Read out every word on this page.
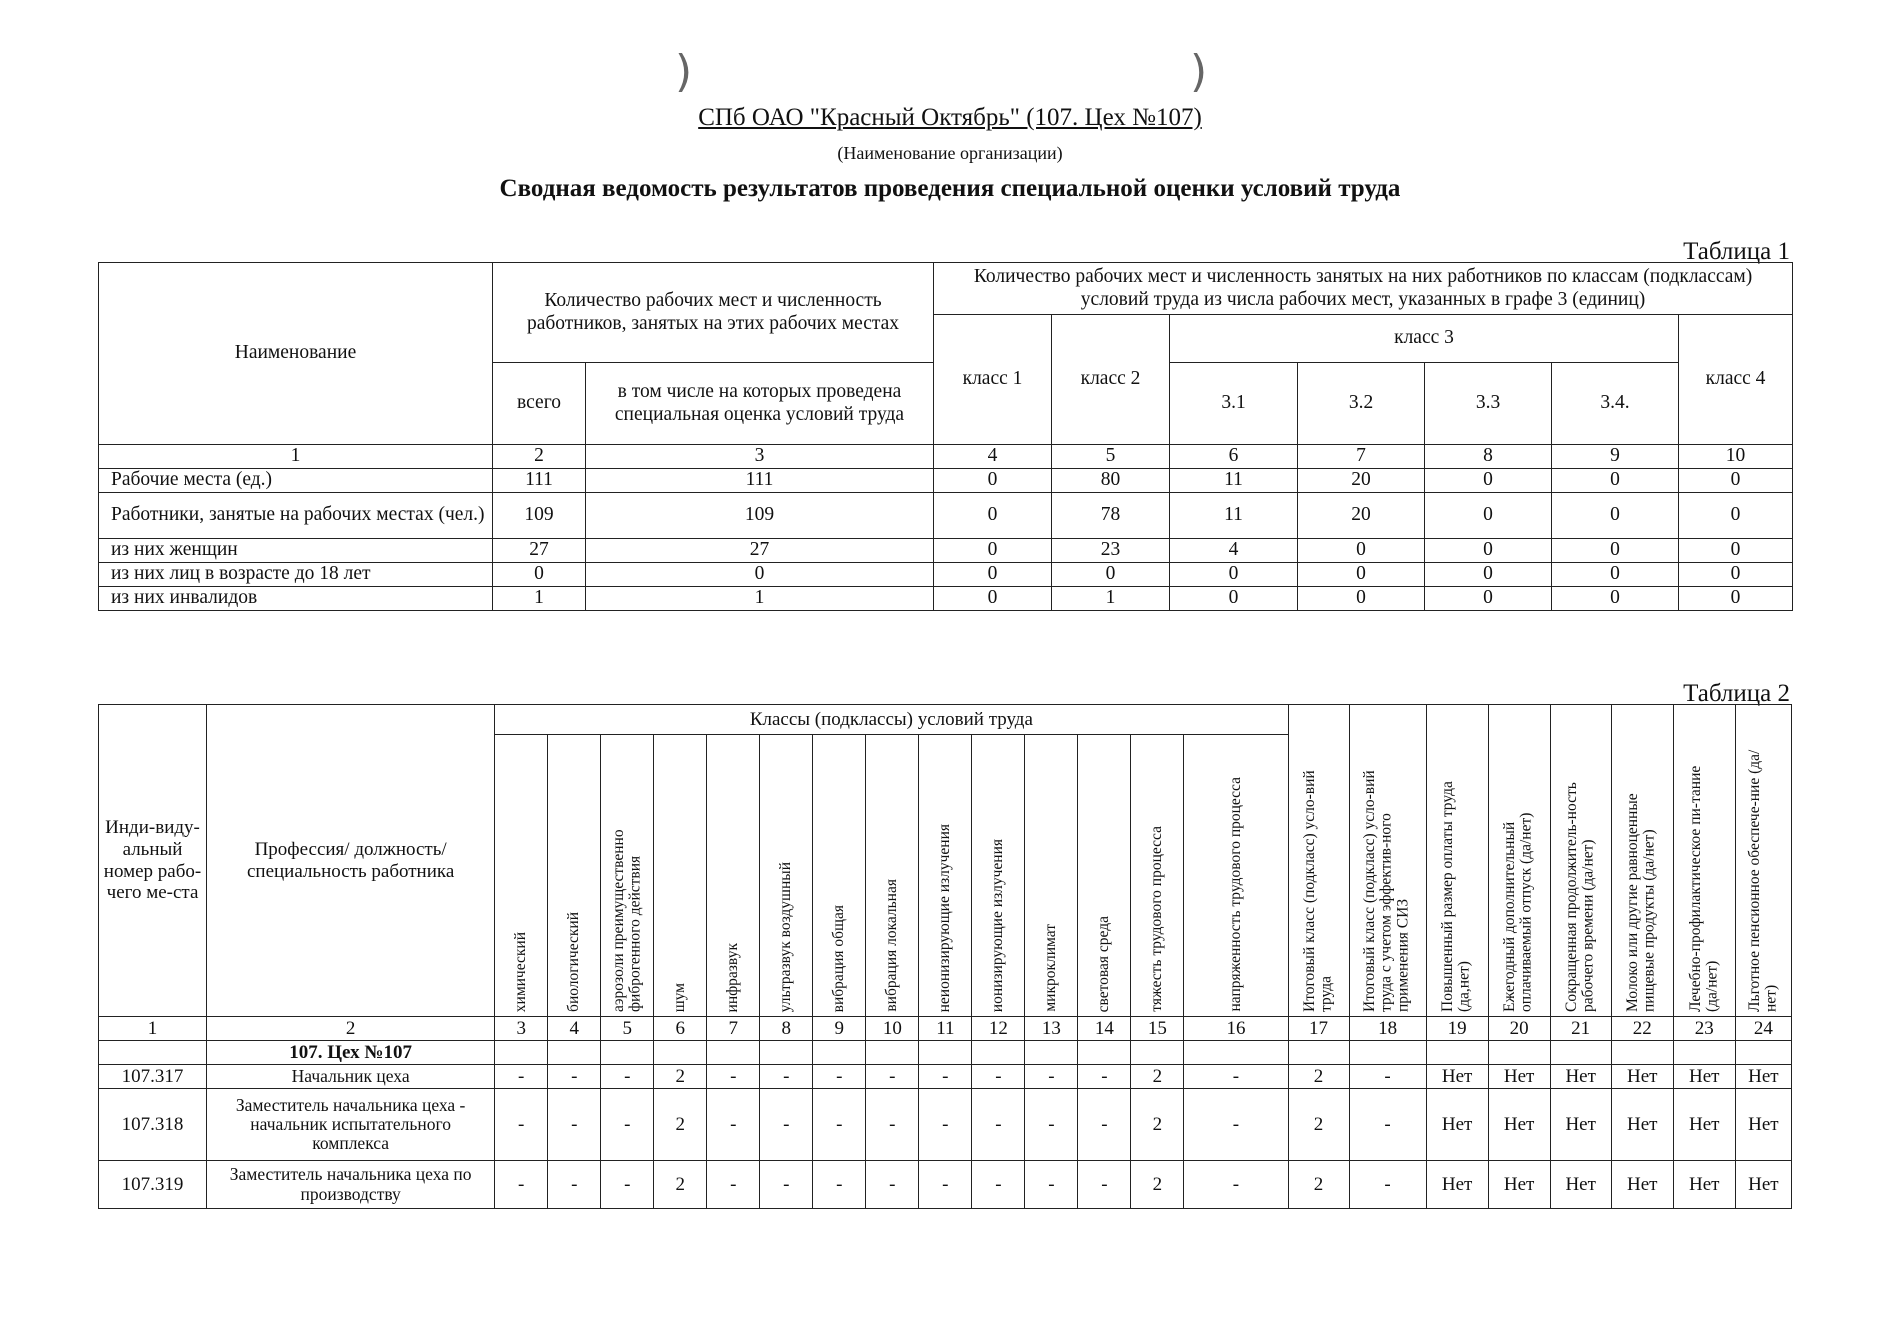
)	)
СПб ОАО "Красный Октябрь" (107. Цех №107)
(Наименование организации)
Сводная ведомость результатов проведения специальной оценки условий труда
Таблица 1
Наименование	Количество рабочих мест и численность работников, занятых на этих рабочих местах		Количество рабочих мест и численность занятых на них работников по классам (подклассам) условий труда из числа рабочих мест, указанных в графе 3 (единиц)						
			класс 1	класс 2	класс 3				класс 4
	всего	в том числе на которых проведена специальная оценка условий труда			3.1	3.2	3.3	3.4.	
1	2	3	4	5	6	7	8	9	10
Рабочие места (ед.)	111	111	0	80	11	20	0	0	0
Работники, занятые на рабочих местах (чел.)	109	109	0	78	11	20	0	0	0
из них женщин	27	27	0	23	4	0	0	0	0
из них лиц в возрасте до 18 лет	0	0	0	0	0	0	0	0	0
из них инвалидов	1	1	0	1	0	0	0	0	0
Таблица 2
Инди-виду-альный номер рабо-чего ме-ста	Профессия/ должность/ специальность работника	Классы (подклассы) условий труда														Итоговый класс (подкласс) усло-вий труда	Итоговый класс (подкласс) усло-вий труда с учетом эффектив-ного применения СИЗ	Повышенный размер оплаты труда (да,нет)	Ежегодный дополнительный оплачиваемый отпуск (да/нет)	Сокращенная продолжитель-ность рабочего времени (да/нет)	Молоко или другие равноценные пищевые продукты (да/нет)	Лечебно-профилактическое пи-тание (да/нет)	Льготное пенсионное обеспече-ние (да/нет)

		химический	биологический	аэрозоли преимущественно фиброгенного действия	шум	инфразвук	ультразвук воздушный	вибрация общая	вибрация локальная	неионизирующие излучения	ионизирующие излучения	микроклимат	световая среда	тяжесть трудового процесса	напряженность трудового процесса								

1	2	3	4	5	6	7	8	9	10	11	12	13	14	15	16	17	18	19	20	21	22	23	24
	107. Цех №107																						
107.317	Начальник цеха	-	-	-	2	-	-	-	-	-	-	-	-	2	-	2	-	Нет	Нет	Нет	Нет	Нет	Нет
107.318	Заместитель начальника цеха - начальник испытательного комплекса	-	-	-	2	-	-	-	-	-	-	-	-	2	-	2	-	Нет	Нет	Нет	Нет	Нет	Нет
107.319	Заместитель начальника цеха по производству	-	-	-	2	-	-	-	-	-	-	-	-	2	-	2	-	Нет	Нет	Нет	Нет	Нет	Нет
